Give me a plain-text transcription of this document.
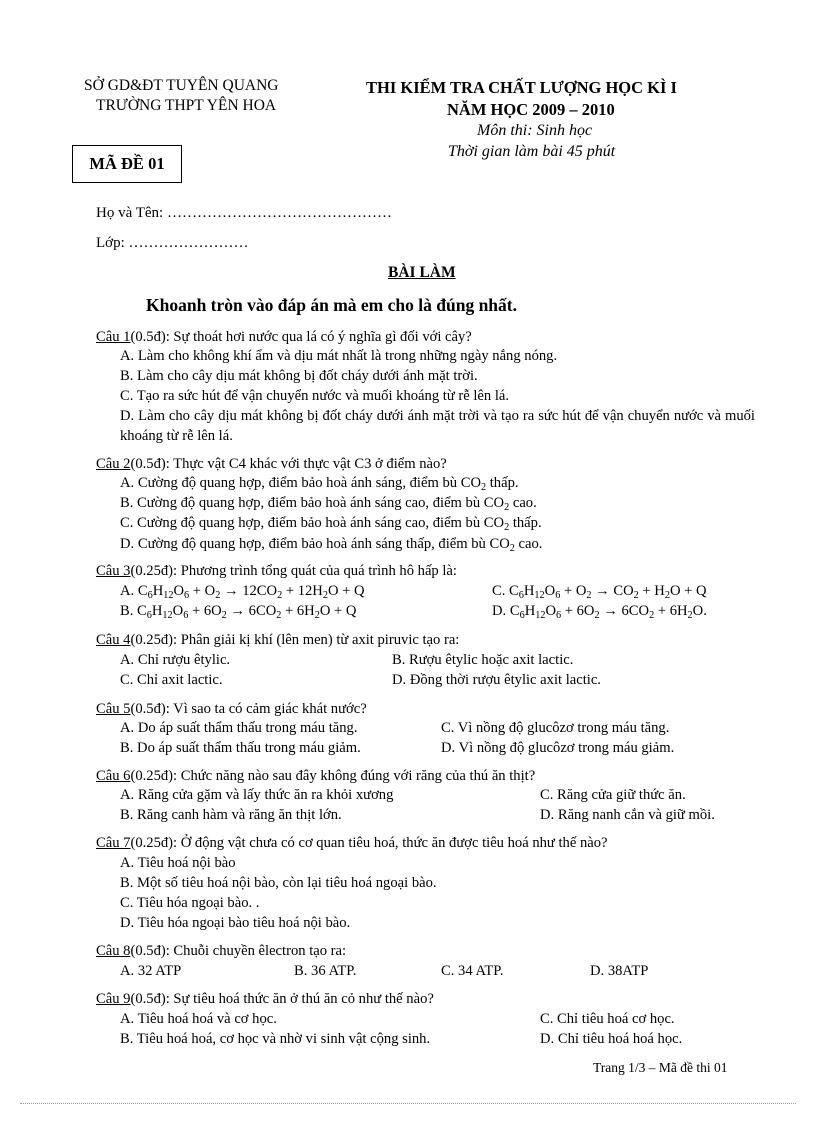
SỞ GD&ĐT TUYÊN QUANG
TRƯỜNG THPT YÊN HOA
THI KIỂM TRA CHẤT LƯỢNG HỌC KÌ I
NĂM HỌC 2009 – 2010
Môn thi: Sinh học
Thời gian làm bài 45 phút
MÃ ĐỀ 01
Họ và Tên: ………………………………………
Lớp: ……………………
BÀI LÀM
Khoanh tròn vào đáp án mà em cho là đúng nhất.
Câu 1(0.5đ): Sự thoát hơi nước qua lá có ý nghĩa gì đối với cây?
A. Làm cho không khí ẩm và dịu mát nhất là trong những ngày nắng nóng.
B. Làm cho cây dịu mát không bị đốt cháy dưới ánh mặt trời.
C. Tạo ra sức hút để vận chuyển nước và muối khoáng từ rễ lên lá.
D. Làm cho cây dịu mát không bị đốt cháy dưới ánh mặt trời và tạo ra sức hút để vận chuyển nước và muối khoáng từ rễ lên lá.
Câu 2(0.5đ): Thực vật C4 khác với thực vật C3 ở điểm nào?
A. Cường độ quang hợp, điểm bảo hoà ánh sáng, điểm bù $CO_2$ thấp.
B. Cường độ quang hợp, điểm bảo hoà ánh sáng cao, điểm bù $CO_2$ cao.
C. Cường độ quang hợp, điểm bảo hoà ánh sáng cao, điểm bù $CO_2$ thấp.
D. Cường độ quang hợp, điểm bảo hoà ánh sáng thấp, điểm bù $CO_2$ cao.
Câu 3(0.25đ): Phương trình tổng quát của quá trình hô hấp là:
A. $C_6H_{12}O_6 + O_2 \to 12CO_2 + 12H_2O + Q$	C. $C_6H_{12}O_6 + O_2 \to CO_2 + H_2O + Q$
B. $C_6H_{12}O_6 + 6O_2 \to 6CO_2 + 6H_2O + Q$	D. $C_6H_{12}O_6 + 6O_2 \to 6CO_2 + 6H_2O$.
Câu 4(0.25đ): Phân giải kị khí (lên men) từ axit piruvic tạo ra:
A. Chỉ rượu êtylic.	B. Rượu êtylic hoặc axit lactic.
C. Chỉ axit lactic.	D. Đồng thời rượu êtylic axit lactic.
Câu 5(0.5đ): Vì sao ta có cảm giác khát nước?
A. Do áp suất thẩm thấu trong máu tăng.	C. Vì nồng độ glucôzơ trong máu tăng.
B. Do áp suất thẩm thấu trong máu giảm.	D. Vì nồng độ glucôzơ trong máu giảm.
Câu 6(0.25đ): Chức năng nào sau đây không đúng với răng của thú ăn thịt?
A. Răng cửa gặm và lấy thức ăn ra khỏi xương	C. Răng cửa giữ thức ăn.
B. Răng canh hàm và răng ăn thịt lớn.	D. Răng nanh cắn và giữ mồi.
Câu 7(0.25đ): Ở động vật chưa có cơ quan tiêu hoá, thức ăn được tiêu hoá như thế nào?
A. Tiêu hoá nội bào
B. Một số tiêu hoá nội bào, còn lại tiêu hoá ngoại bào.
C. Tiêu hóa ngoại bào. .
D. Tiêu hóa ngoại bào tiêu hoá nội bào.
Câu 8(0.5đ): Chuỗi chuyền êlectron tạo ra:
A. 32 ATP	B. 36 ATP.	C. 34 ATP.	D. 38ATP
Câu 9(0.5đ): Sự tiêu hoá thức ăn ở thú ăn cỏ như thế nào?
A. Tiêu hoá hoá và cơ học.	C. Chỉ tiêu hoá cơ học.
B. Tiêu hoá hoá, cơ học và nhờ vi sinh vật cộng sinh.	D. Chỉ tiêu hoá hoá học.
Trang 1/3 – Mã đề thi 01
